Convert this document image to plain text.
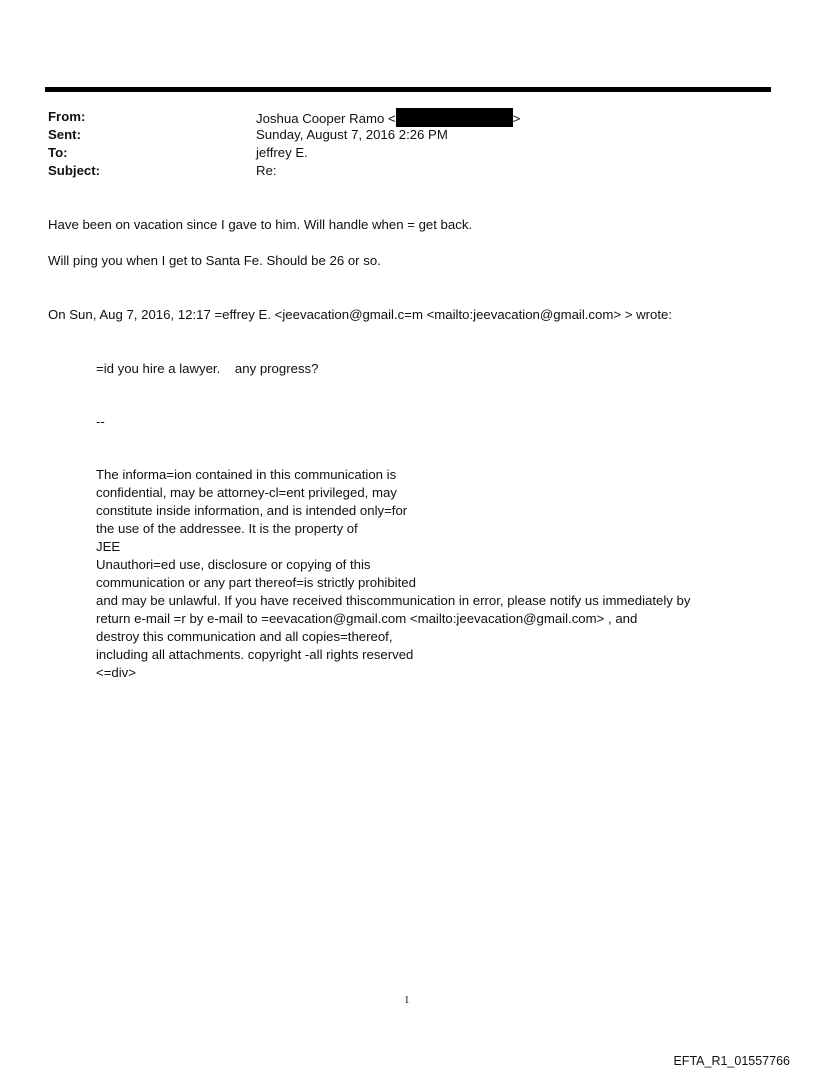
From:	Joshua Cooper Ramo <	>
Sent:	Sunday, August 7, 2016 2:26 PM
To:	jeffrey E.
Subject:	Re:
Have been on vacation since I gave to him. Will handle when = get back.
Will ping you when I get to Santa Fe. Should be 26 or so.
On Sun, Aug 7, 2016, 12:17 =effrey E. <jeevacation@gmail.c=m <mailto:jeevacation@gmail.com> > wrote:
=id you hire a lawyer.    any progress?
--
The informa=ion contained in this communication is
confidential, may be attorney-cl=ent privileged, may
constitute inside information, and is intended only=for
the use of the addressee. It is the property of
JEE
Unauthori=ed use, disclosure or copying of this
communication or any part thereof=is strictly prohibited
and may be unlawful. If you have received thiscommunication in error, please notify us immediately by
return e-mail =r by e-mail to =eevacation@gmail.com <mailto:jeevacation@gmail.com> , and
destroy this communication and all copies=thereof,
including all attachments. copyright -all rights reserved
<=div>
1
EFTA_R1_01557766
